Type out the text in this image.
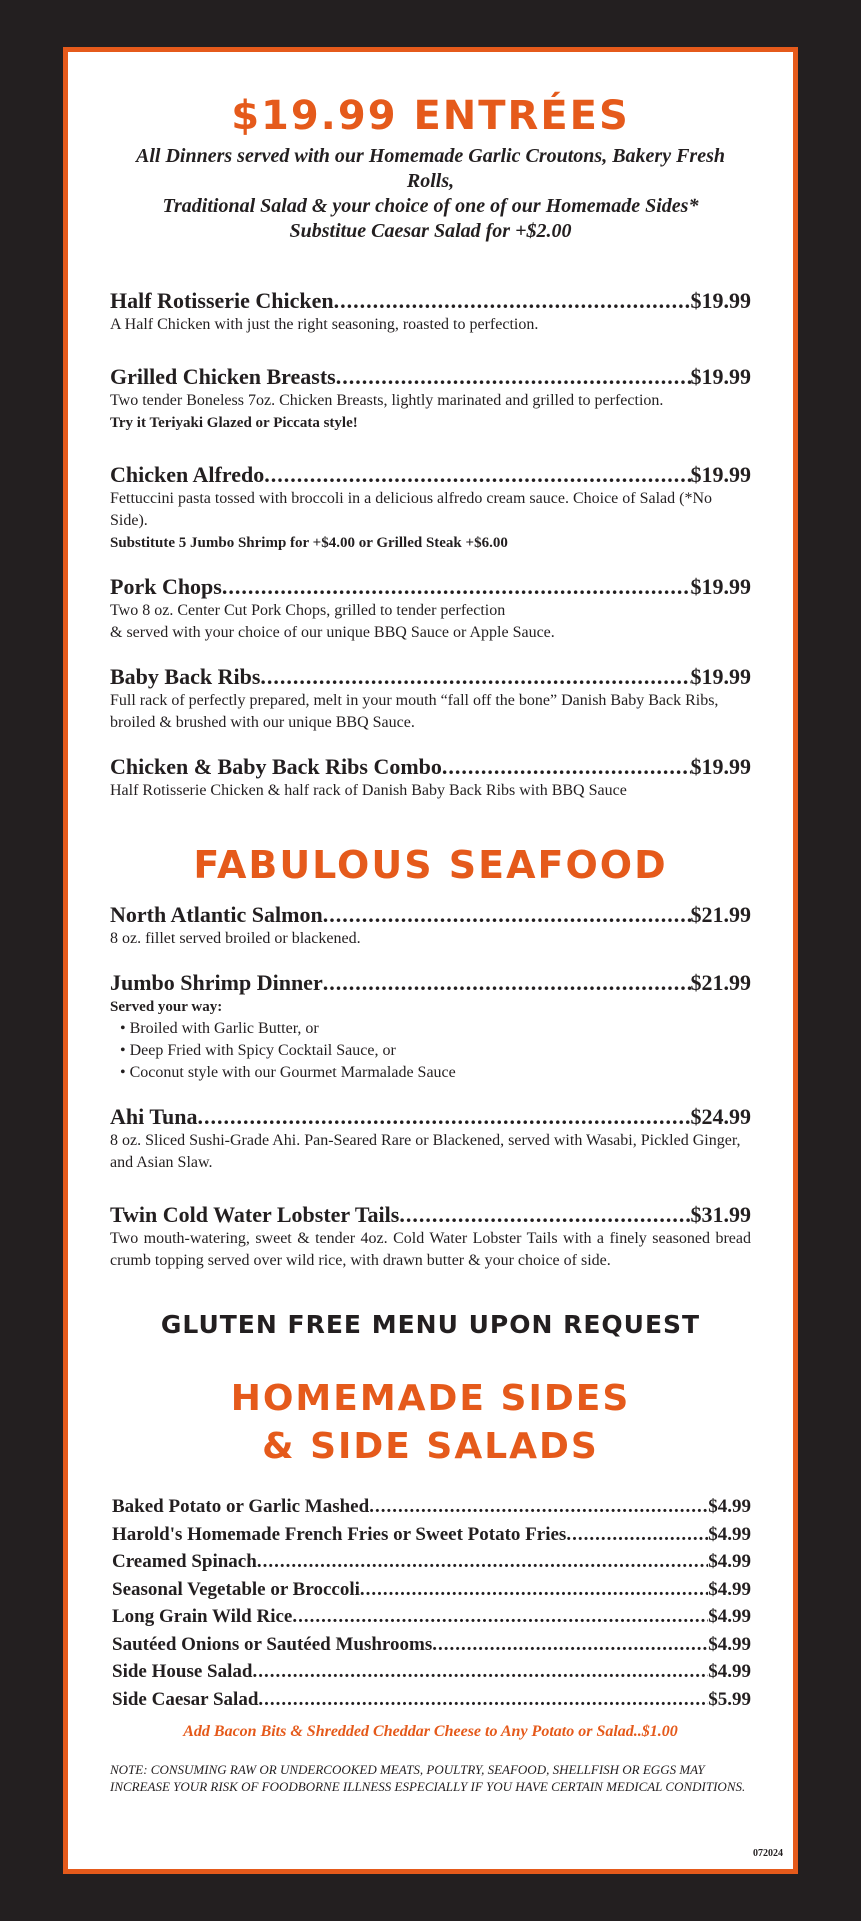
$19.99 ENTRÉES

All Dinners served with our Homemade Garlic Croutons, Bakery Fresh Rolls,

Traditional Salad & your choice of one of our Homemade Sides*

Substitue Caesar Salad for +$2.00

Half Rotisserie Chicken .....	$19.99

A Half Chicken with just the right seasoning, roasted to perfection.

Grilled Chicken Breasts .....	$19.99

Two tender Boneless 7oz. Chicken Breasts, lightly marinated and grilled to perfection.

Try it Teriyaki Glazed or Piccata style!

Chicken Alfredo .....	$19.99

Fettuccini pasta tossed with broccoli in a delicious alfredo cream sauce. Choice of Salad (*No Side).

Substitute 5 Jumbo Shrimp for +$4.00 or Grilled Steak +$6.00

Pork Chops .....	$19.99

Two 8 oz. Center Cut Pork Chops, grilled to tender perfection

& served with your choice of our unique BBQ Sauce or Apple Sauce.

Baby Back Ribs .....	$19.99

Full rack of perfectly prepared, melt in your mouth “fall off the bone” Danish Baby Back Ribs, broiled & brushed with our unique BBQ Sauce.

Chicken & Baby Back Ribs Combo .....	$19.99

Half Rotisserie Chicken & half rack of Danish Baby Back Ribs with BBQ Sauce

FABULOUS SEAFOOD
North Atlantic Salmon .....	$21.99

8 oz. fillet served broiled or blackened.

Jumbo Shrimp Dinner .....	$21.99

Served your way:

• Broiled with Garlic Butter, or
• Deep Fried with Spicy Cocktail Sauce, or
• Coconut style with our Gourmet Marmalade Sauce
Ahi Tuna .....	$24.99

8 oz. Sliced Sushi-Grade Ahi. Pan-Seared Rare or Blackened, served with Wasabi, Pickled Ginger, and Asian Slaw.

Twin Cold Water Lobster Tails .....	$31.99

Two mouth-watering, sweet & tender 4oz. Cold Water Lobster Tails with a finely seasoned bread crumb topping served over wild rice, with drawn butter & your choice of side.

GLUTEN FREE MENU UPON REQUEST
HOMEMADE SIDES
& SIDE SALADS
Baked Potato or Garlic Mashed .....	$4.99
Harold's Homemade French Fries or Sweet Potato Fries .....	$4.99
Creamed Spinach .....	$4.99
Seasonal Vegetable or Broccoli .....	$4.99
Long Grain Wild Rice .....	$4.99
Sautéed Onions or Sautéed Mushrooms .....	$4.99
Side House Salad .....	$4.99
Side Caesar Salad .....	$5.99

Add Bacon Bits & Shredded Cheddar Cheese to Any Potato or Salad..$1.00

NOTE: CONSUMING RAW OR UNDERCOOKED MEATS, POULTRY, SEAFOOD, SHELLFISH OR EGGS MAY INCREASE YOUR RISK OF FOODBORNE ILLNESS ESPECIALLY IF YOU HAVE CERTAIN MEDICAL CONDITIONS.

072024
